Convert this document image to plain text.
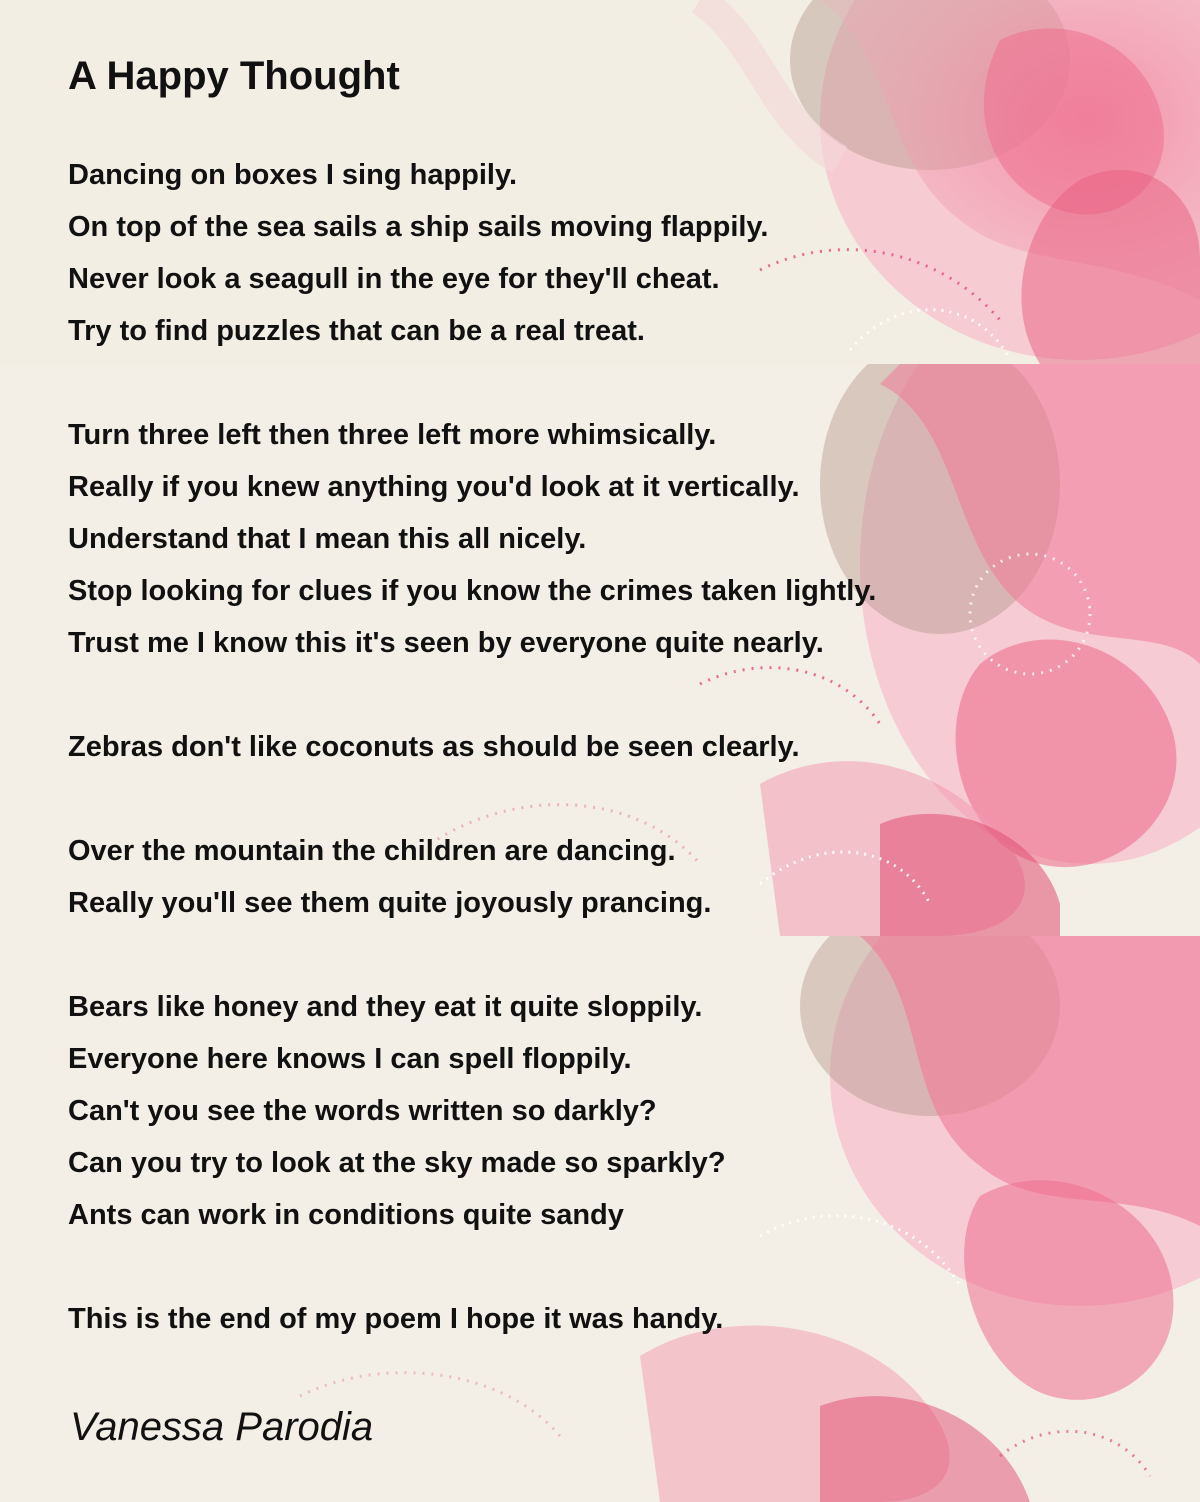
A Happy Thought

Dancing on boxes I sing happily.

On top of the sea sails a ship sails moving flappily.

Never look a seagull in the eye for they'll cheat.

Try to find puzzles that can be a real treat.

Turn three left then three left more whimsically.

Really if you knew anything you'd look at it vertically.

Understand that I mean this all nicely.

Stop looking for clues if you know the crimes taken lightly.

Trust me I know this it's seen by everyone quite nearly.

Zebras don't like coconuts as should be seen clearly.

Over the mountain the children are dancing.

Really you'll see them quite joyously prancing.

Bears like honey and they eat it quite sloppily.

Everyone here knows I can spell floppily.

Can't you see the words written so darkly?

Can you try to look at the sky made so sparkly?

Ants can work in conditions quite sandy

This is the end of my poem I hope it was handy.

Vanessa Parodia
